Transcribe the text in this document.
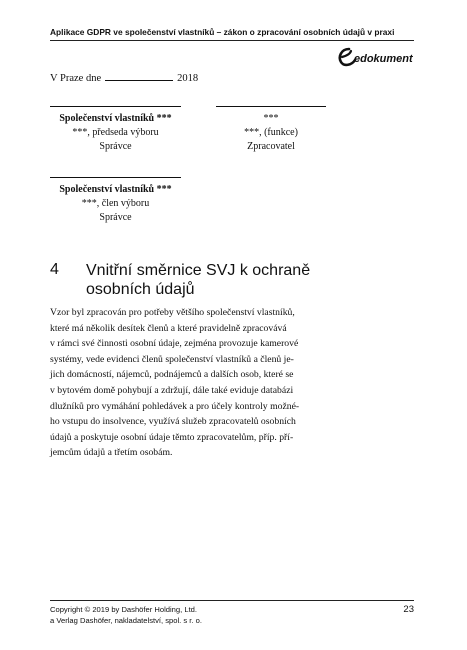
Aplikace GDPR ve společenství vlastníků – zákon o zpracování osobních údajů v praxi
edokument
V Praze dne	2018
Společenství vlastníků ***
***, předseda výboru
Správce
***
***, (funkce)
Zpracovatel
Společenství vlastníků ***
***, člen výboru
Správce
4 Vnitřní směrnice SVJ k ochraně
osobních údajů
Vzor byl zpracován pro potřeby většího společenství vlastníků,
které má několik desítek členů a které pravidelně zpracovává
v rámci své činnosti osobní údaje, zejména provozuje kamerové
systémy, vede evidenci členů společenství vlastníků a členů je-
jich domácností, nájemců, podnájemců a dalších osob, které se
v bytovém domě pohybují a zdržují, dále také eviduje databázi
dlužníků pro vymáhání pohledávek a pro účely kontroly možné-
ho vstupu do insolvence, využívá služeb zpracovatelů osobních
údajů a poskytuje osobní údaje těmto zpracovatelům, příp. pří-
jemcům údajů a třetím osobám.
Copyright © 2019 by Dashöfer Holding, Ltd.
a Verlag Dashöfer, nakladatelství, spol. s r. o.
23
